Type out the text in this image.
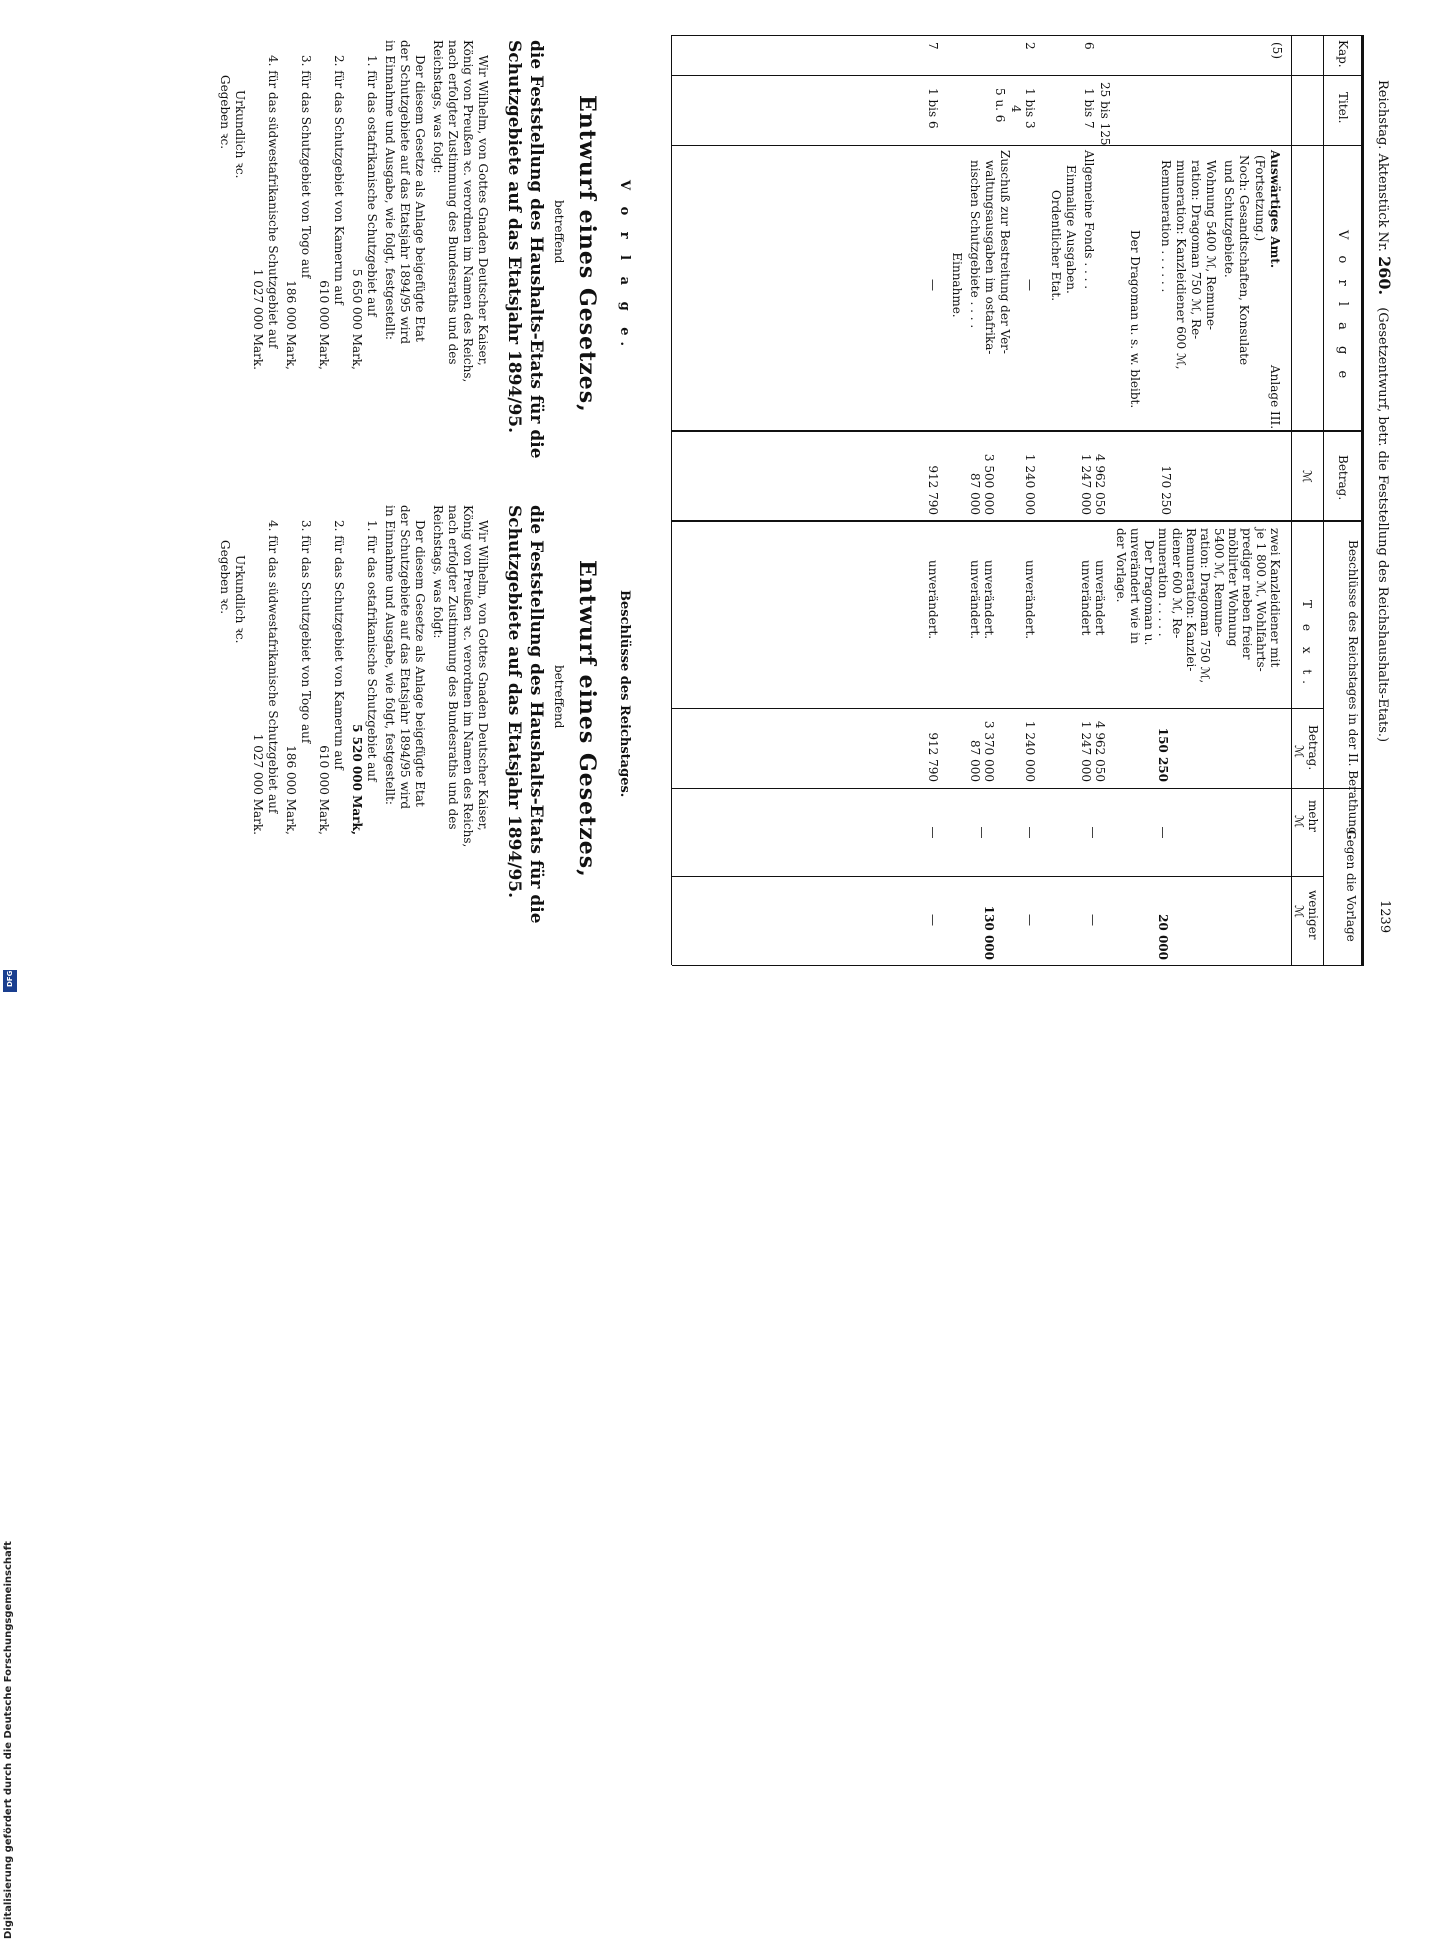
Digitalisierung gefördert durch die Deutsche Forschungsgemeinschaft
DFG
Reichstag. Aktenstück Nr. 260. (Gesetzentwurf, betr. die Feststellung des Reichshaushalts-Etats.)
1239
Kap.
Titel.
V o r l a g e
Betrag.
ℳ
Beschlüsse des Reichstages in der II. Berathung.
T e x t.
Betrag.
ℳ
Gegen die Vorlage
mehr
weniger
ℳ
ℳ
(5)
Auswärtiges Amt.
Anlage III.
(Fortsetzung.)
Noch: Gesandtschaften, Konsulate
und Schutzgebiete.
Wohnung 5400 ℳ, Remune-
ration: Dragoman 750 ℳ, Re-
muneration: Kanzleidiener 600 ℳ,
Remuneration . . . . . .
170 250
zwei Kanzleidiener mit
je 1 800 ℳ, Wohlfahrts-
prediger neben freier
möblirter Wohnung
5400 ℳ, Remune-
ration: Dragoman 750 ℳ,
Remuneration: Kanzlei-
diener 600 ℳ, Re-
muneration . . . . .
Der Dragoman u.
unverändert wie in
der Vorlage.
150 250
—
20 000
Der Dragoman u. s. w. bleibt.
25 bis 125
6
1 bis 7
Allgemeine Fonds . . . .
4 962 050
1 247 000
unverändert
unverändert
4 962 050
1 247 000
—
—
Einmalige Ausgaben.
Ordentlicher Etat.
2
1 bis 3
4
—
1 240 000
unverändert.
1 240 000
—
—
5 u. 6
Zuschuß zur Bestreitung der Ver-
waltungsausgaben im ostafrika-
nischen Schutzgebiete . . . .
3 500 000
87 000
unverändert.
unverändert.
3 370 000
87 000
—
130 000
Einnahme.
7
1 bis 6
—
912 790
unverändert.
912 790
—
—
V o r l a g e.
Entwurf eines Gesetzes,
betreffend
die Feststellung des Haushalts-Etats für die
Schutzgebiete auf das Etatsjahr 1894/95.
Wir Wilhelm, von Gottes Gnaden Deutscher Kaiser,
König von Preußen ꝛc. verordnen im Namen des Reichs,
nach erfolgter Zustimmung des Bundesraths und des
Reichstags, was folgt:
Der diesem Gesetze als Anlage beigefügte Etat
der Schutzgebiete auf das Etatsjahr 1894/95 wird
in Einnahme und Ausgabe, wie folgt, festgestellt:
1. für das ostafrikanische Schutzgebiet auf
5 650 000 Mark,
2. für das Schutzgebiet von Kamerun auf
610 000 Mark,
3. für das Schutzgebiet von Togo auf
186 000 Mark,
4. für das südwestafrikanische Schutzgebiet auf
1 027 000 Mark.
Urkundlich ꝛc.
Gegeben ꝛc.
Beschlüsse des Reichstages.
Entwurf eines Gesetzes,
betreffend
die Feststellung des Haushalts-Etats für die
Schutzgebiete auf das Etatsjahr 1894/95.
Wir Wilhelm, von Gottes Gnaden Deutscher Kaiser,
König von Preußen ꝛc. verordnen im Namen des Reichs,
nach erfolgter Zustimmung des Bundesraths und des
Reichstags, was folgt:
Der diesem Gesetze als Anlage beigefügte Etat
der Schutzgebiete auf das Etatsjahr 1894/95 wird
in Einnahme und Ausgabe, wie folgt, festgestellt:
1. für das ostafrikanische Schutzgebiet auf
5 520 000 Mark,
2. für das Schutzgebiet von Kamerun auf
610 000 Mark,
3. für das Schutzgebiet von Togo auf
186 000 Mark,
4. für das südwestafrikanische Schutzgebiet auf
1 027 000 Mark.
Urkundlich ꝛc.
Gegeben ꝛc.
